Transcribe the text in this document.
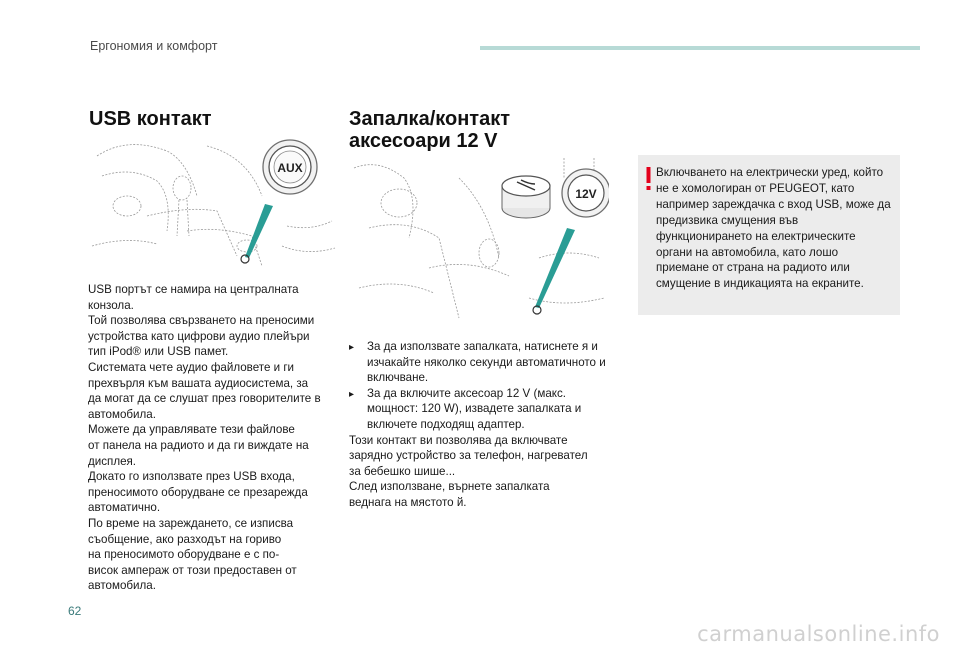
Ергономия и комфорт
USB контакт
AUX
USB портът се намира на централната
конзола.
Той позволява свързването на преносими
устройства като цифрови аудио плейъри
тип iPod® или USB памет.
Системата чете аудио файловете и ги
прехвърля към вашата аудиосистема, за
да могат да се слушат през говорителите в
автомобила.
Можете да управлявате тези файлове
от панела на радиото и да ги виждате на
дисплея.
Докато го използвате през USB входа,
преносимото оборудване се презарежда
автоматично.
По време на зареждането, се изписва
съобщение, ако разходът на гориво
на преносимото оборудване е с по-
висок ампераж от този предоставен от
автомобила.
Запалка/контакт
аксесоари 12 V
12V
▸	За да използвате запалката, натиснете я и изчакайте няколко секунди автоматичното и включване.

▸	За да включите аксесоар 12 V (макс. мощност: 120 W), извадете запалката и включете подходящ адаптер.

Този контакт ви позволява да включвате
зарядно устройство за телефон, нагревател
за бебешко шише...
След използване, върнете запалката
веднага на мястото й.
Включването на електрически уред, който не е хомологиран от PEUGEOT, като например зареждачка с вход USB, може да предизвика смущения във функционирането на електрическите органи на автомобила, като лошо приемане от страна на радиото или смущение в индикацията на екраните.
62
carmanualsonline.info
